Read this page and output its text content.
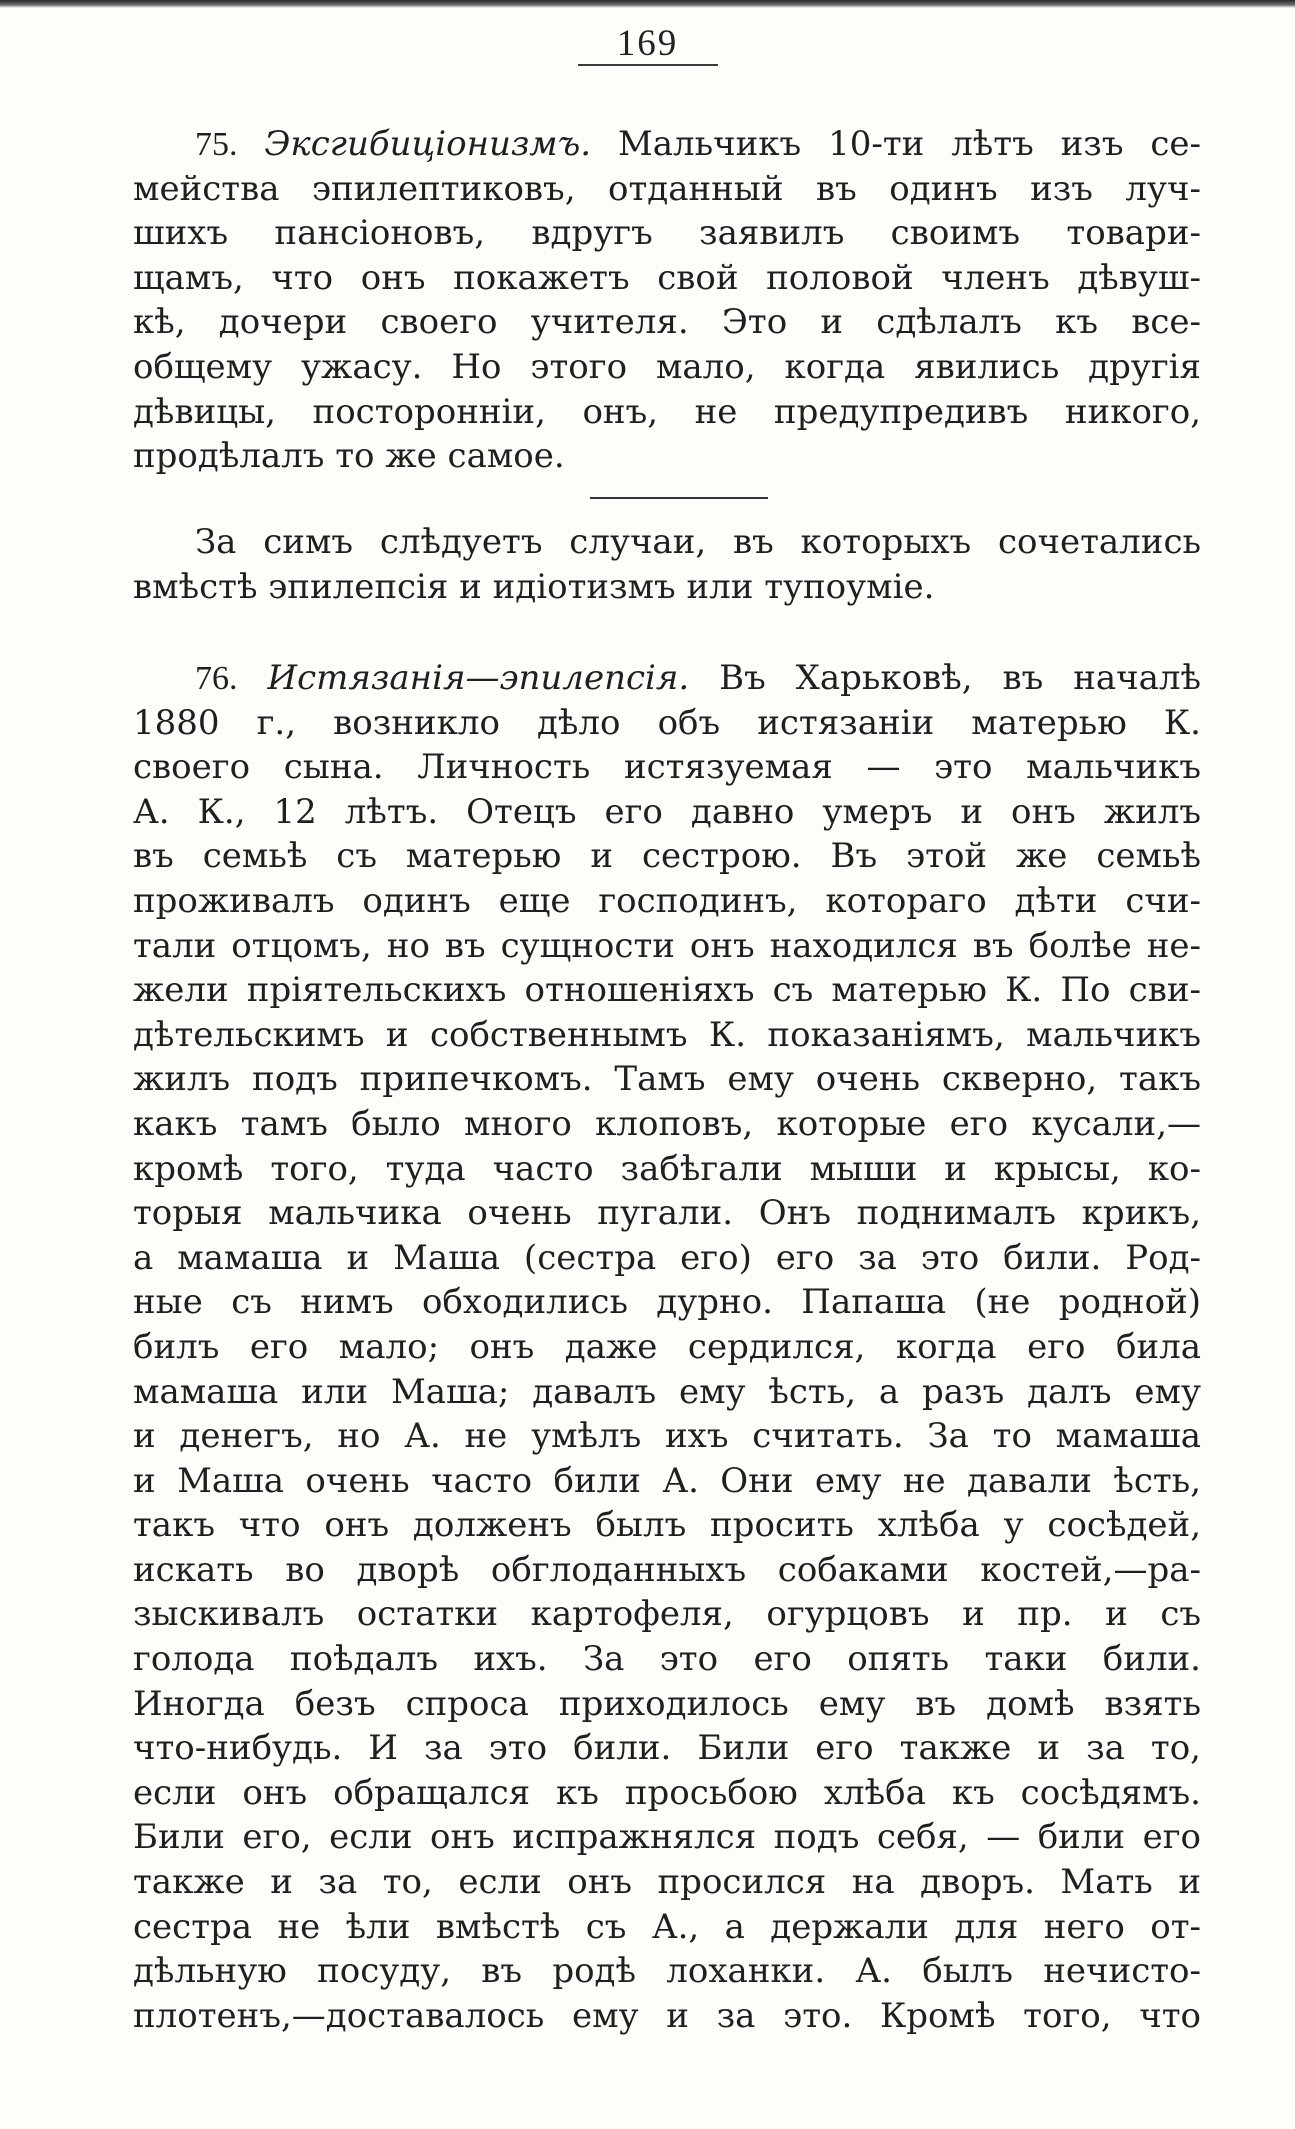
169
75. Эксгибиціонизмъ. Мальчикъ 10-ти лѣтъ изъ се-
мейства эпилептиковъ, отданный въ одинъ изъ луч-
шихъ пансіоновъ, вдругъ заявилъ своимъ товари-
щамъ, что онъ покажетъ свой половой членъ дѣвуш-
кѣ, дочери своего учителя. Это и сдѣлалъ къ все-
общему ужасу. Но этого мало, когда явились другія
дѣвицы, посторонніи, онъ, не предупредивъ никого,
продѣлалъ то же самое.
За симъ слѣдуетъ случаи, въ которыхъ сочетались
вмѣстѣ эпилепсія и идіотизмъ или тупоуміе.
76. Истязанія—эпилепсія. Въ Харьковѣ, въ началѣ
1880 г., возникло дѣло объ истязаніи матерью К.
своего сына. Личность истязуемая — это мальчикъ
А. К., 12 лѣтъ. Отецъ его давно умеръ и онъ жилъ
въ семьѣ съ матерью и сестрою. Въ этой же семьѣ
проживалъ одинъ еще господинъ, котораго дѣти счи-
тали отцомъ, но въ сущности онъ находился въ болѣе не-
жели пріятельскихъ отношеніяхъ съ матерью К. По сви-
дѣтельскимъ и собственнымъ К. показаніямъ, мальчикъ
жилъ подъ припечкомъ. Тамъ ему очень скверно, такъ
какъ тамъ было много клоповъ, которые его кусали,—
кромѣ того, туда часто забѣгали мыши и крысы, ко-
торыя мальчика очень пугали. Онъ поднималъ крикъ,
а мамаша и Маша (сестра его) его за это били. Род-
ные съ нимъ обходились дурно. Папаша (не родной)
билъ его мало; онъ даже сердился, когда его била
мамаша или Маша; давалъ ему ѣсть, а разъ далъ ему
и денегъ, но А. не умѣлъ ихъ считать. За то мамаша
и Маша очень часто били А. Они ему не давали ѣсть,
такъ что онъ долженъ былъ просить хлѣба у сосѣдей,
искать во дворѣ обглоданныхъ собаками костей,—ра-
зыскивалъ остатки картофеля, огурцовъ и пр. и съ
голода поѣдалъ ихъ. За это его опять таки били.
Иногда безъ спроса приходилось ему въ домѣ взять
что-нибудь. И за это били. Били его также и за то,
если онъ обращался къ просьбою хлѣба къ сосѣдямъ.
Били его, если онъ испражнялся подъ себя, — били его
также и за то, если онъ просился на дворъ. Мать и
сестра не ѣли вмѣстѣ съ А., а держали для него от-
дѣльную посуду, въ родѣ лоханки. А. былъ нечисто-
плотенъ,—доставалось ему и за это. Кромѣ того, что
